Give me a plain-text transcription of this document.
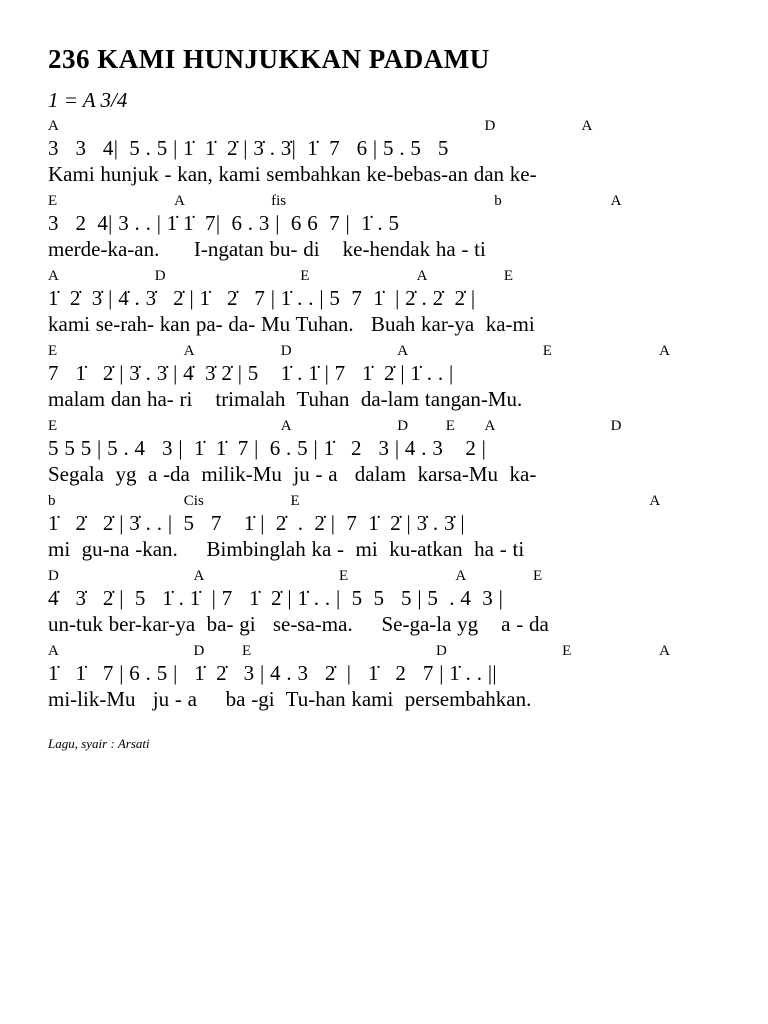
236 KAMI HUNJUKKAN PADAMU
1 = A 3/4
A	D	A
3   3   4|  5 . 5 | 1̇  1̇  2̇ | 3̇ . 3̇|  1̇  7   6 | 5 . 5   5
Kami hunjuk - kan, kami sembahkan ke-bebas-an dan ke-
E	A	fis	b	A
3   2  4| 3 . . | 1̇ 1̇  7|  6 . 3 |  6 6  7 |  1̇ . 5
merde-ka-an.      I-ngatan bu- di    ke-hendak ha - ti
A	D	E	A	E
1̇  2̇  3̇ | 4̇ . 3̇   2̇ | 1̇   2̇   7 | 1̇ . . | 5  7  1̇  | 2̇ . 2̇  2̇ |
kami se-rah- kan pa- da- Mu Tuhan.   Buah kar-ya  ka-mi
E	A	D	A	E	A
7   1̇   2̇ | 3̇ . 3̇ | 4̇  3̇ 2̇ | 5    1̇ . 1̇ | 7   1̇  2̇ | 1̇ . . |
malam dan ha- ri    trimalah  Tuhan  da-lam tangan-Mu.
E	A	D	E A	D
5 5 5 | 5 . 4   3 |  1̇  1̇  7 |  6 . 5 | 1̇   2   3 | 4 . 3    2 |
Segala  yg  a -da  milik-Mu  ju - a   dalam  karsa-Mu  ka-
b	Cis	E	A
1̇   2̇   2̇ | 3̇ . . |  5   7    1̇ |  2̇  .  2̇ |  7  1̇  2̇ | 3̇ . 3̇ |
mi  gu-na -kan.     Bimbinglah ka -  mi  ku-atkan  ha - ti
D	A	E	A	E
4̇   3̇   2̇ |  5   1̇ . 1̇  | 7   1̇  2̇ | 1̇ . . |  5  5   5 | 5  . 4  3 |
un-tuk ber-kar-ya  ba- gi   se-sa-ma.     Se-ga-la yg    a - da
A	D	E	D	E	A
1̇   1̇   7 | 6 . 5 |   1̇  2̇   3 | 4 . 3   2̇  |   1̇   2   7 | 1̇ . . ||
mi-lik-Mu   ju - a     ba -gi  Tu-han kami  persembahkan.
Lagu, syair : Arsati
